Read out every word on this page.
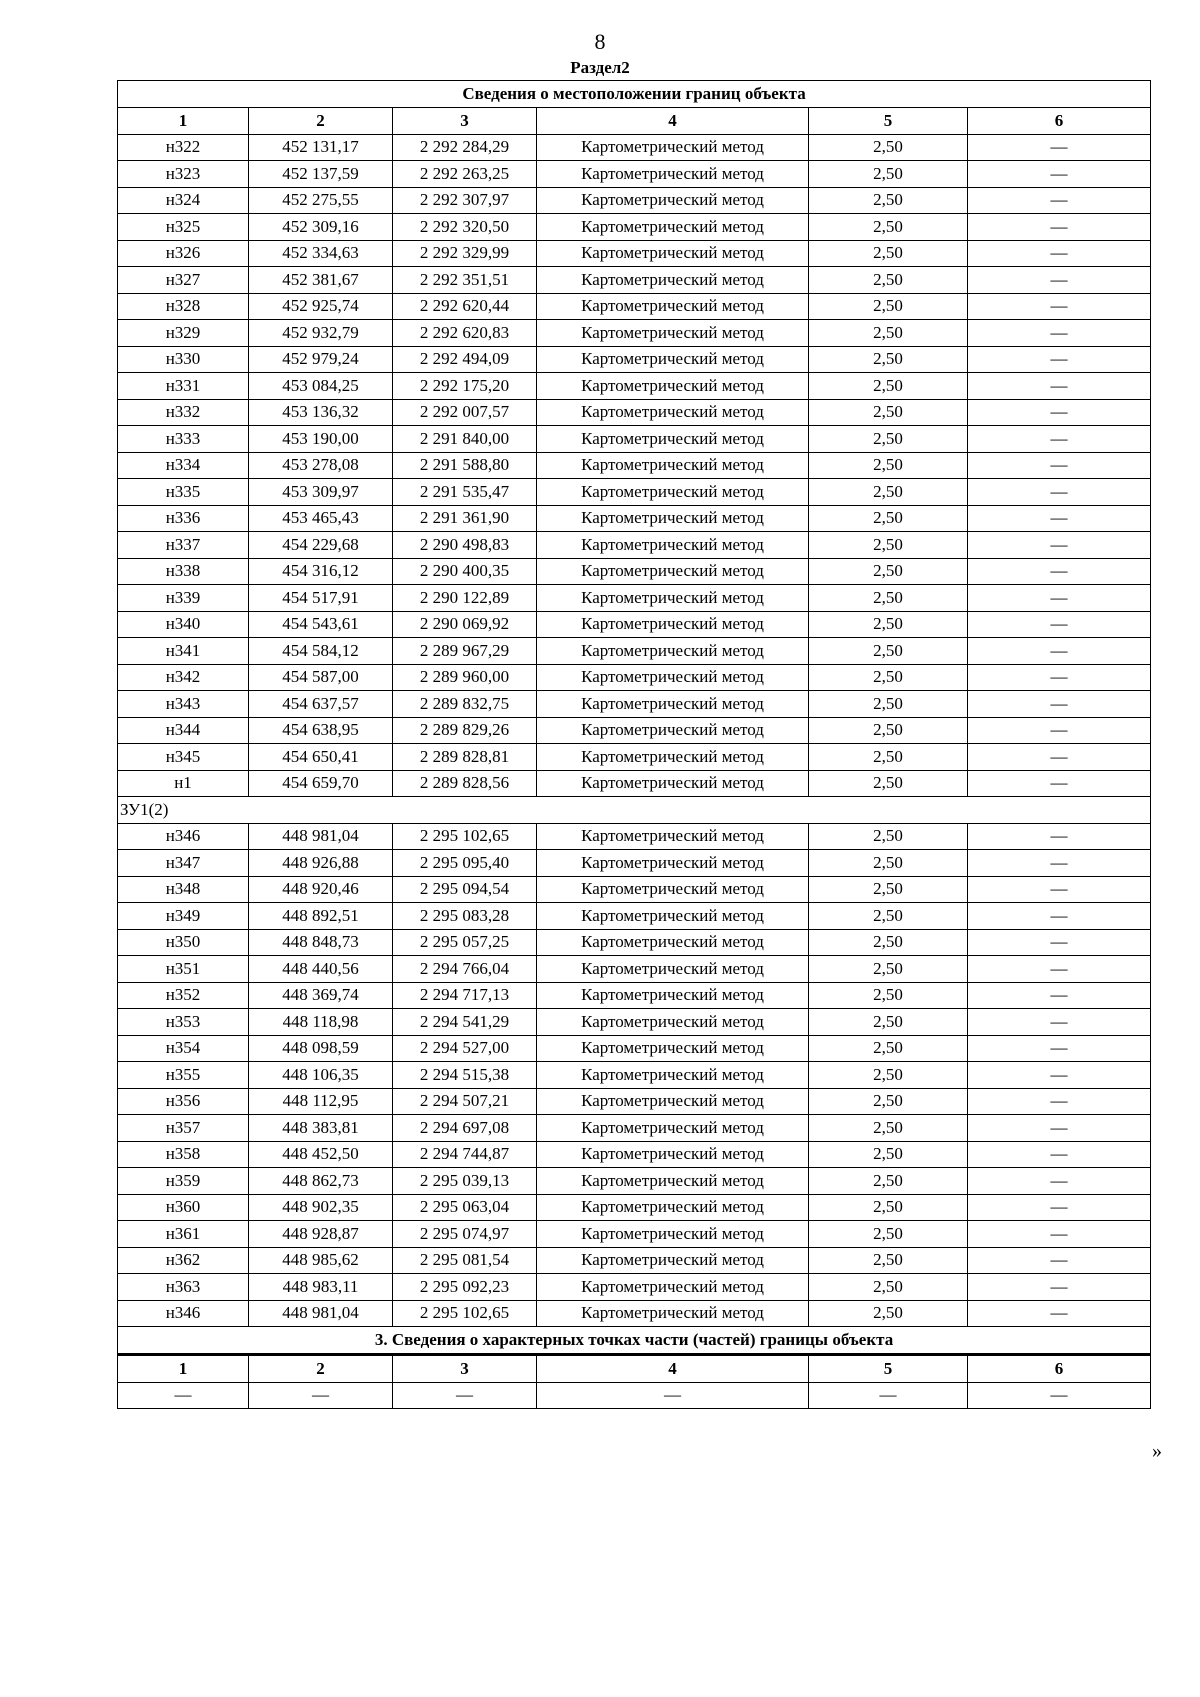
8
Раздел2
Сведения о местоположении границ объекта					
1	2	3	4	5	6
н322	452 131,17	2 292 284,29	Картометрический метод	2,50	—
н323	452 137,59	2 292 263,25	Картометрический метод	2,50	—
н324	452 275,55	2 292 307,97	Картометрический метод	2,50	—
н325	452 309,16	2 292 320,50	Картометрический метод	2,50	—
н326	452 334,63	2 292 329,99	Картометрический метод	2,50	—
н327	452 381,67	2 292 351,51	Картометрический метод	2,50	—
н328	452 925,74	2 292 620,44	Картометрический метод	2,50	—
н329	452 932,79	2 292 620,83	Картометрический метод	2,50	—
н330	452 979,24	2 292 494,09	Картометрический метод	2,50	—
н331	453 084,25	2 292 175,20	Картометрический метод	2,50	—
н332	453 136,32	2 292 007,57	Картометрический метод	2,50	—
н333	453 190,00	2 291 840,00	Картометрический метод	2,50	—
н334	453 278,08	2 291 588,80	Картометрический метод	2,50	—
н335	453 309,97	2 291 535,47	Картометрический метод	2,50	—
н336	453 465,43	2 291 361,90	Картометрический метод	2,50	—
н337	454 229,68	2 290 498,83	Картометрический метод	2,50	—
н338	454 316,12	2 290 400,35	Картометрический метод	2,50	—
н339	454 517,91	2 290 122,89	Картометрический метод	2,50	—
н340	454 543,61	2 290 069,92	Картометрический метод	2,50	—
н341	454 584,12	2 289 967,29	Картометрический метод	2,50	—
н342	454 587,00	2 289 960,00	Картометрический метод	2,50	—
н343	454 637,57	2 289 832,75	Картометрический метод	2,50	—
н344	454 638,95	2 289 829,26	Картометрический метод	2,50	—
н345	454 650,41	2 289 828,81	Картометрический метод	2,50	—
н1	454 659,70	2 289 828,56	Картометрический метод	2,50	—
ЗУ1(2)					
н346	448 981,04	2 295 102,65	Картометрический метод	2,50	—
н347	448 926,88	2 295 095,40	Картометрический метод	2,50	—
н348	448 920,46	2 295 094,54	Картометрический метод	2,50	—
н349	448 892,51	2 295 083,28	Картометрический метод	2,50	—
н350	448 848,73	2 295 057,25	Картометрический метод	2,50	—
н351	448 440,56	2 294 766,04	Картометрический метод	2,50	—
н352	448 369,74	2 294 717,13	Картометрический метод	2,50	—
н353	448 118,98	2 294 541,29	Картометрический метод	2,50	—
н354	448 098,59	2 294 527,00	Картометрический метод	2,50	—
н355	448 106,35	2 294 515,38	Картометрический метод	2,50	—
н356	448 112,95	2 294 507,21	Картометрический метод	2,50	—
н357	448 383,81	2 294 697,08	Картометрический метод	2,50	—
н358	448 452,50	2 294 744,87	Картометрический метод	2,50	—
н359	448 862,73	2 295 039,13	Картометрический метод	2,50	—
н360	448 902,35	2 295 063,04	Картометрический метод	2,50	—
н361	448 928,87	2 295 074,97	Картометрический метод	2,50	—
н362	448 985,62	2 295 081,54	Картометрический метод	2,50	—
н363	448 983,11	2 295 092,23	Картометрический метод	2,50	—
н346	448 981,04	2 295 102,65	Картометрический метод	2,50	—
3. Сведения о характерных точках части (частей) границы объекта					
1	2	3	4	5	6
—	—	—	—	—	—
»
